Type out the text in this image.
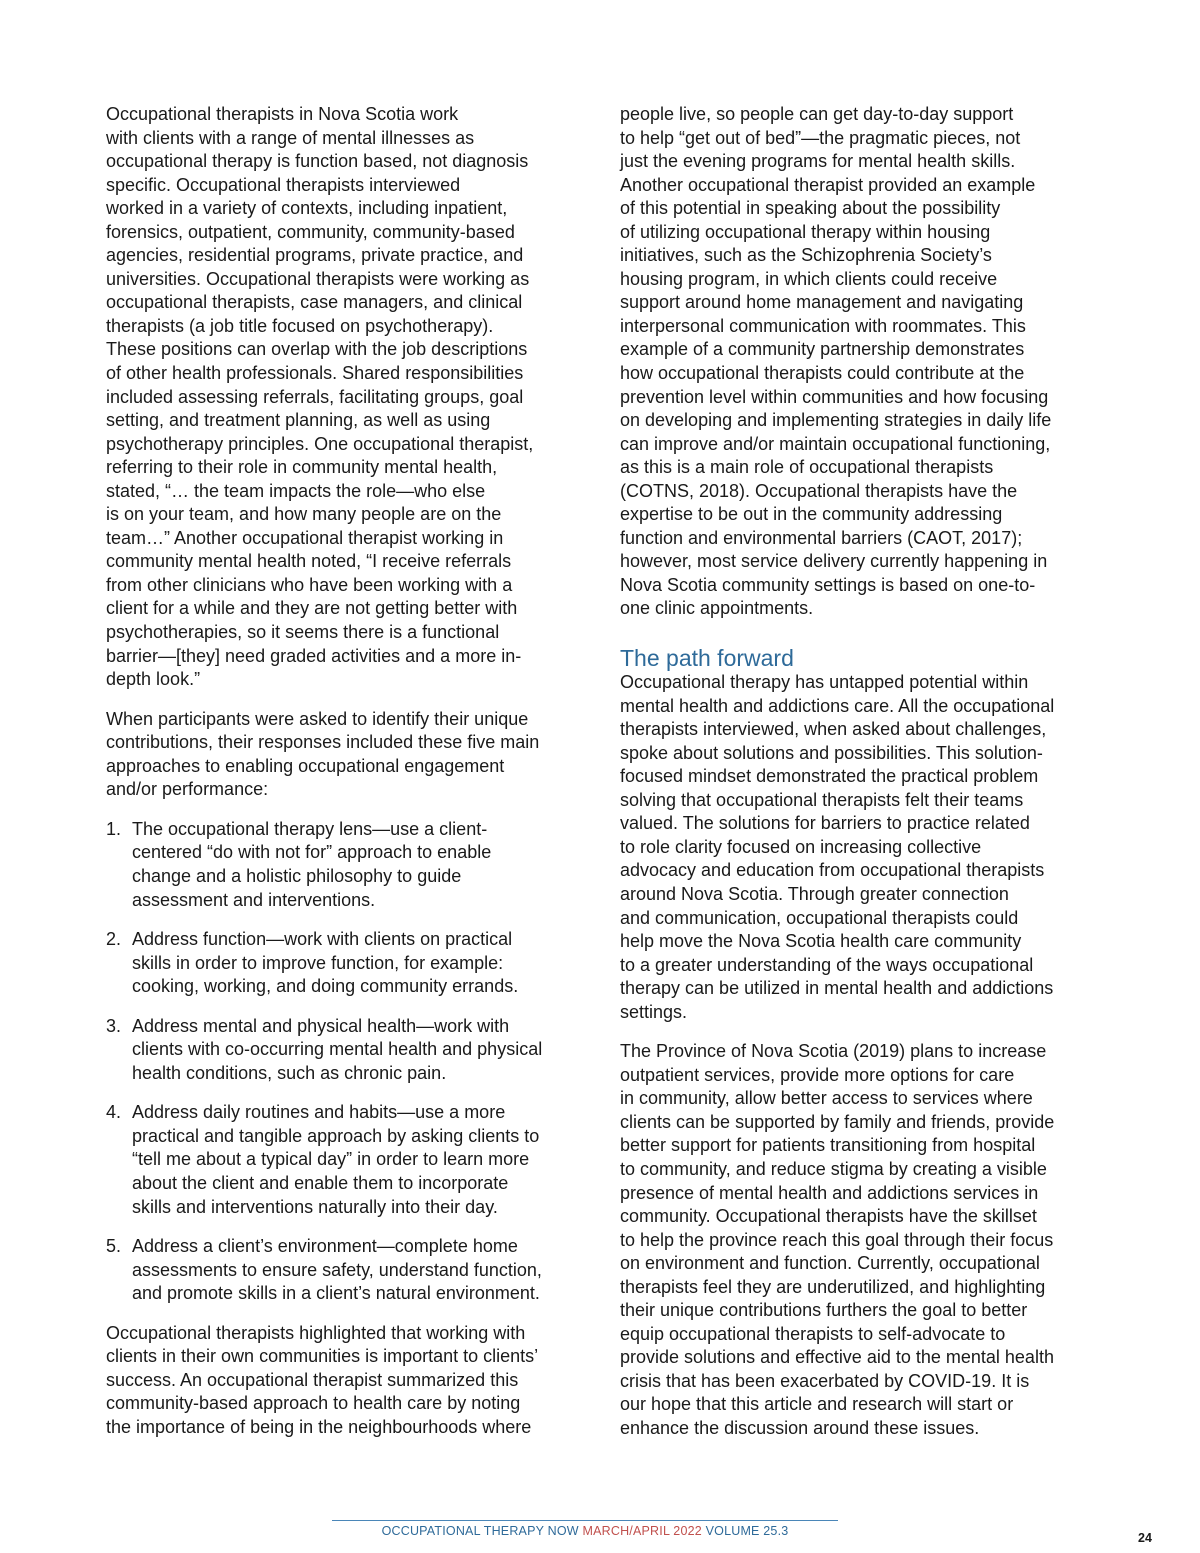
Occupational therapists in Nova Scotia work
with clients with a range of mental illnesses as
occupational therapy is function based, not diagnosis
specific. Occupational therapists interviewed
worked in a variety of contexts, including inpatient,
forensics, outpatient, community, community-based
agencies, residential programs, private practice, and
universities. Occupational therapists were working as
occupational therapists, case managers, and clinical
therapists (a job title focused on psychotherapy).
These positions can overlap with the job descriptions
of other health professionals. Shared responsibilities
included assessing referrals, facilitating groups, goal
setting, and treatment planning, as well as using
psychotherapy principles. One occupational therapist,
referring to their role in community mental health,
stated, “… the team impacts the role—who else
is on your team, and how many people are on the
team…” Another occupational therapist working in
community mental health noted, “I receive referrals
from other clinicians who have been working with a
client for a while and they are not getting better with
psychotherapies, so it seems there is a functional
barrier—[they] need graded activities and a more in-
depth look.”

When participants were asked to identify their unique
contributions, their responses included these five main
approaches to enabling occupational engagement
and/or performance:

1. The occupational therapy lens—use a client-
centered “do with not for” approach to enable
change and a holistic philosophy to guide
assessment and interventions.
2. Address function—work with clients on practical
skills in order to improve function, for example:
cooking, working, and doing community errands.
3. Address mental and physical health—work with
clients with co-occurring mental health and physical
health conditions, such as chronic pain.
4. Address daily routines and habits—use a more
practical and tangible approach by asking clients to
“tell me about a typical day” in order to learn more
about the client and enable them to incorporate
skills and interventions naturally into their day.
5. Address a client’s environment—complete home
assessments to ensure safety, understand function,
and promote skills in a client’s natural environment.

Occupational therapists highlighted that working with
clients in their own communities is important to clients’
success. An occupational therapist summarized this
community-based approach to health care by noting
the importance of being in the neighbourhoods where

people live, so people can get day-to-day support
to help “get out of bed”—the pragmatic pieces, not
just the evening programs for mental health skills.
Another occupational therapist provided an example
of this potential in speaking about the possibility
of utilizing occupational therapy within housing
initiatives, such as the Schizophrenia Society’s
housing program, in which clients could receive
support around home management and navigating
interpersonal communication with roommates. This
example of a community partnership demonstrates
how occupational therapists could contribute at the
prevention level within communities and how focusing
on developing and implementing strategies in daily life
can improve and/or maintain occupational functioning,
as this is a main role of occupational therapists
(COTNS, 2018). Occupational therapists have the
expertise to be out in the community addressing
function and environmental barriers (CAOT, 2017);
however, most service delivery currently happening in
Nova Scotia community settings is based on one-to-
one clinic appointments.

The path forward

Occupational therapy has untapped potential within
mental health and addictions care. All the occupational
therapists interviewed, when asked about challenges,
spoke about solutions and possibilities. This solution-
focused mindset demonstrated the practical problem
solving that occupational therapists felt their teams
valued. The solutions for barriers to practice related
to role clarity focused on increasing collective
advocacy and education from occupational therapists
around Nova Scotia. Through greater connection
and communication, occupational therapists could
help move the Nova Scotia health care community
to a greater understanding of the ways occupational
therapy can be utilized in mental health and addictions
settings.

The Province of Nova Scotia (2019) plans to increase
outpatient services, provide more options for care
in community, allow better access to services where
clients can be supported by family and friends, provide
better support for patients transitioning from hospital
to community, and reduce stigma by creating a visible
presence of mental health and addictions services in
community. Occupational therapists have the skillset
to help the province reach this goal through their focus
on environment and function. Currently, occupational
therapists feel they are underutilized, and highlighting
their unique contributions furthers the goal to better
equip occupational therapists to self-advocate to
provide solutions and effective aid to the mental health
crisis that has been exacerbated by COVID-19. It is
our hope that this article and research will start or
enhance the discussion around these issues.

OCCUPATIONAL THERAPY NOW MARCH/APRIL 2022 VOLUME 25.3	24
